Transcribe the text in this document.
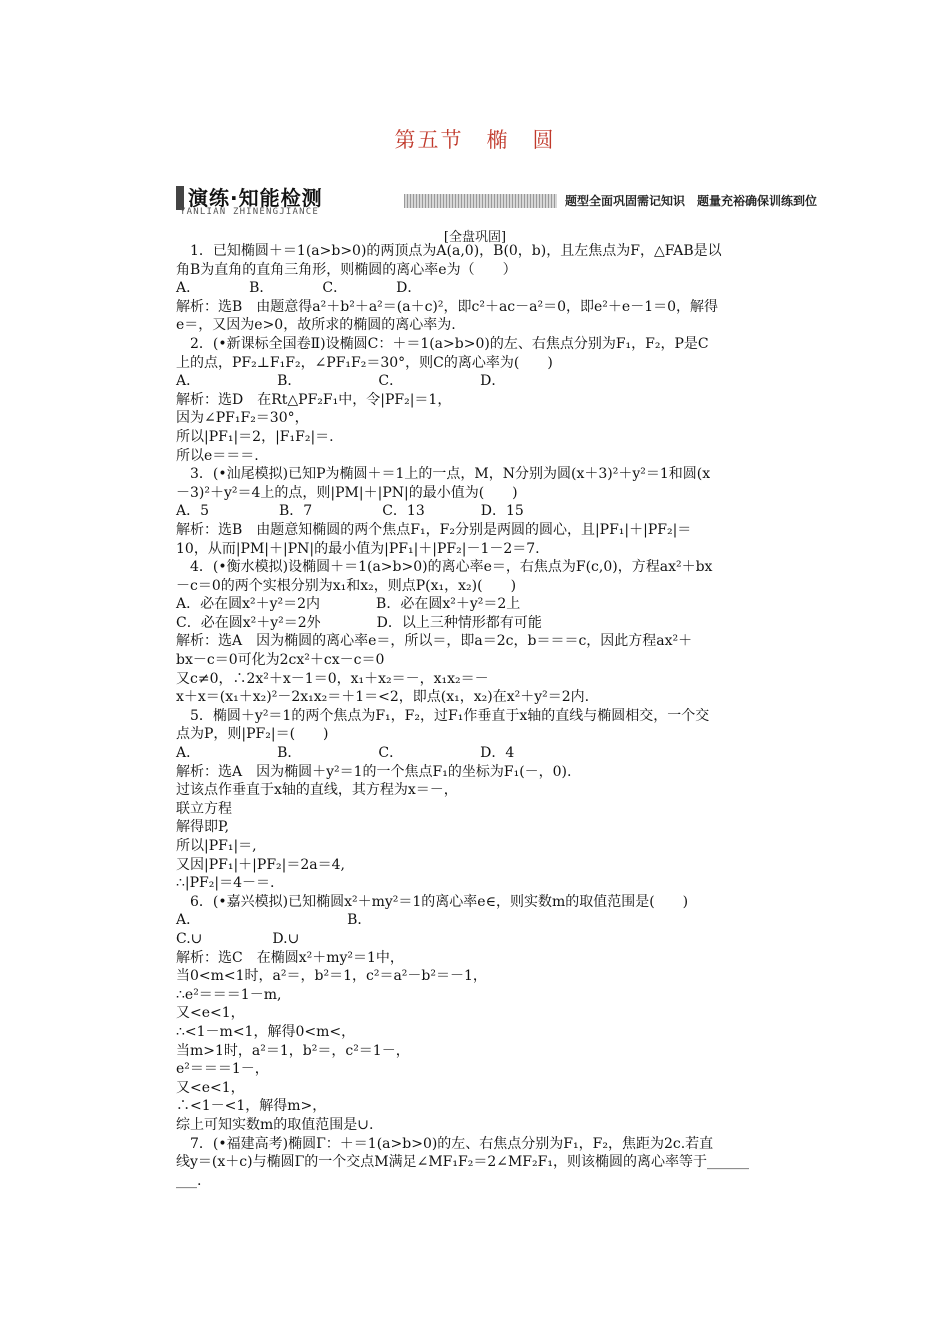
第五节　椭　圆
演练·知能检测
YANLIAN ZHINENGJIANCE
题型全面巩固需记知识　题量充裕确保训练到位
[全盘巩固]
　1．已知椭圆＋＝1(a>b>0)的两顶点为A(a,0)，B(0，b)，且左焦点为F，△FAB是以
角B为直角的直角三角形，则椭圆的离心率e为（　　）
A．　　　　B．　　　　C．　　　　D．
解析：选B　由题意得a²＋b²＋a²＝(a＋c)²，即c²＋ac－a²＝0，即e²＋e－1＝0，解得
e＝，又因为e>0，故所求的椭圆的离心率为.
　2．(•新课标全国卷Ⅱ)设椭圆C：＋＝1(a>b>0)的左、右焦点分别为F₁，F₂，P是C
上的点，PF₂⊥F₁F₂，∠PF₁F₂＝30°，则C的离心率为(　　)
A．　　　　　　B．　　　　　　C．　　　　　　D．
解析：选D　在Rt△PF₂F₁中，令|PF₂|＝1，
因为∠PF₁F₂＝30°，
所以|PF₁|＝2，|F₁F₂|＝.
所以e＝＝＝.
　3．(•汕尾模拟)已知P为椭圆＋＝1上的一点，M，N分别为圆(x＋3)²＋y²＝1和圆(x
－3)²＋y²＝4上的点，则|PM|＋|PN|的最小值为(　　)
A．5　　　　　B．7　　　　　C．13　　　　D．15
解析：选B　由题意知椭圆的两个焦点F₁，F₂分别是两圆的圆心，且|PF₁|＋|PF₂|＝
10，从而|PM|＋|PN|的最小值为|PF₁|＋|PF₂|－1－2＝7.
　4．(•衡水模拟)设椭圆＋＝1(a>b>0)的离心率e＝，右焦点为F(c,0)，方程ax²＋bx
－c＝0的两个实根分别为x₁和x₂，则点P(x₁，x₂)(　　)
A．必在圆x²＋y²＝2内　　　　B．必在圆x²＋y²＝2上
C．必在圆x²＋y²＝2外　　　　D．以上三种情形都有可能
解析：选A　因为椭圆的离心率e＝，所以＝，即a＝2c，b＝＝＝c，因此方程ax²＋
bx－c＝0可化为2cx²＋cx－c＝0
又c≠0，∴2x²＋x－1＝0，x₁＋x₂＝－，x₁x₂＝－
x＋x＝(x₁＋x₂)²－2x₁x₂＝＋1＝<2，即点(x₁，x₂)在x²＋y²＝2内.
　5．椭圆＋y²＝1的两个焦点为F₁，F₂，过F₁作垂直于x轴的直线与椭圆相交，一个交
点为P，则|PF₂|＝(　　)
A．　　　　　　B．　　　　　　C．　　　　　　D．4
解析：选A　因为椭圆＋y²＝1的一个焦点F₁的坐标为F₁(－，0).
过该点作垂直于x轴的直线，其方程为x＝－，
联立方程
解得即P,
所以|PF₁|＝,
又因|PF₁|＋|PF₂|＝2a＝4,
∴|PF₂|＝4－＝.
　6．(•嘉兴模拟)已知椭圆x²＋my²＝1的离心率e∈，则实数m的取值范围是(　　)
A．　　　　　　　　　　　B．
C.∪　　　　　D.∪
解析：选C　在椭圆x²＋my²＝1中，
当0<m<1时，a²＝，b²＝1，c²＝a²－b²＝－1，
∴e²＝＝＝1－m,
又<e<1，
∴<1－m<1，解得0<m<，
当m>1时，a²＝1，b²＝，c²＝1－，
e²＝＝＝1－，
又<e<1，
∴<1－<1，解得m>，
综上可知实数m的取值范围是∪.
　7．(•福建高考)椭圆Γ：＋＝1(a>b>0)的左、右焦点分别为F₁，F₂，焦距为2c.若直
线y＝(x＋c)与椭圆Γ的一个交点M满足∠MF₁F₂＝2∠MF₂F₁，则该椭圆的离心率等于______
___.
